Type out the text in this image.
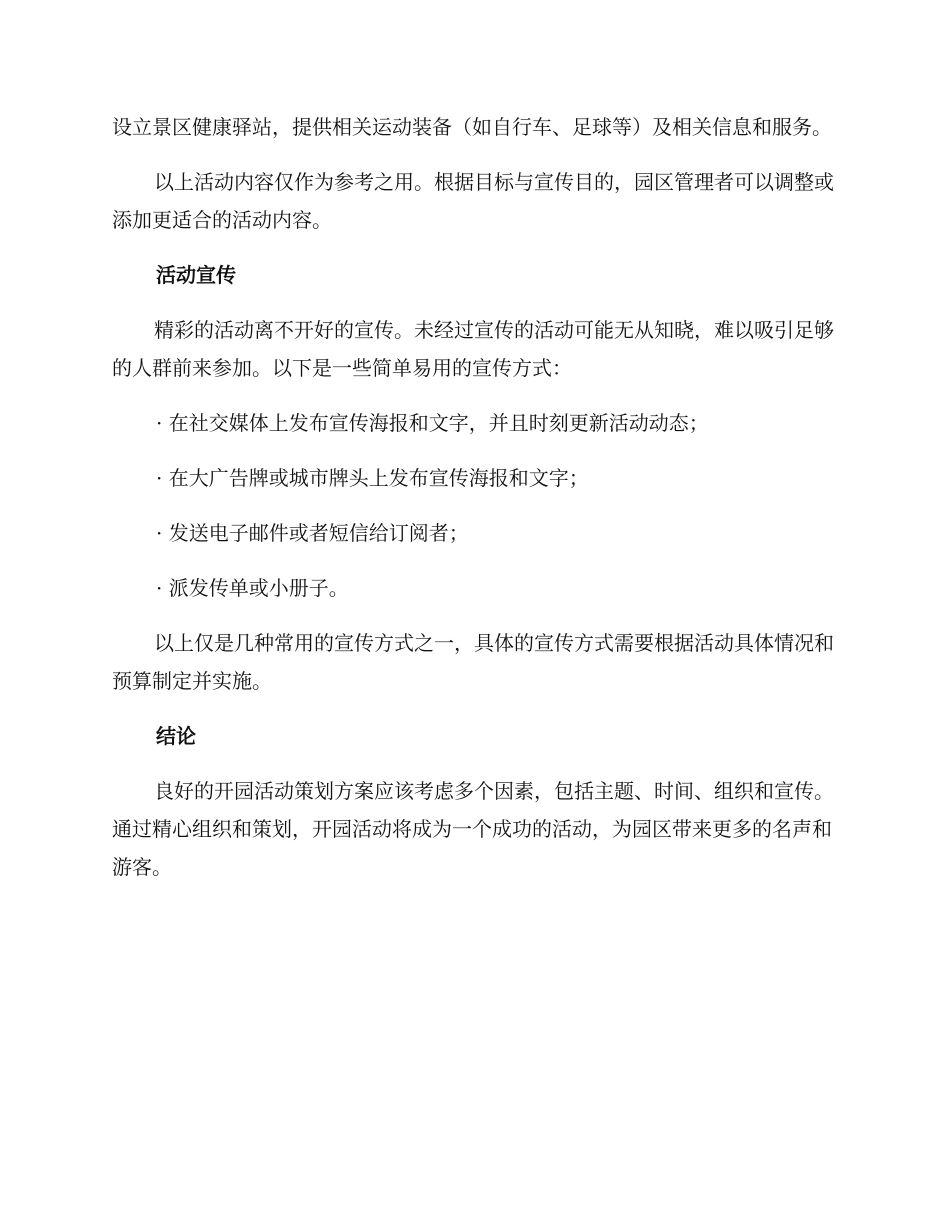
设立景区健康驿站，提供相关运动装备（如自行车、足球等）及相关信息和服务。

以上活动内容仅作为参考之用。根据目标与宣传目的，园区管理者可以调整或添加更适合的活动内容。

活动宣传

精彩的活动离不开好的宣传。未经过宣传的活动可能无从知晓，难以吸引足够的人群前来参加。以下是一些简单易用的宣传方式：

· 在社交媒体上发布宣传海报和文字，并且时刻更新活动动态；

· 在大广告牌或城市牌头上发布宣传海报和文字；

· 发送电子邮件或者短信给订阅者；

· 派发传单或小册子。

以上仅是几种常用的宣传方式之一，具体的宣传方式需要根据活动具体情况和预算制定并实施。

结论

良好的开园活动策划方案应该考虑多个因素，包括主题、时间、组织和宣传。通过精心组织和策划，开园活动将成为一个成功的活动，为园区带来更多的名声和游客。
